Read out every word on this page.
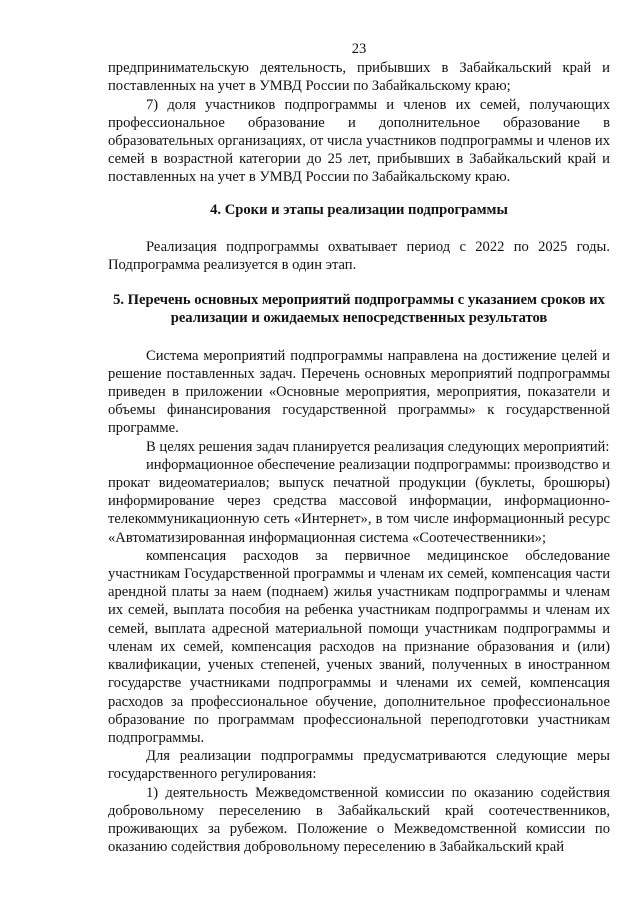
23

предпринимательскую деятельность, прибывших в Забайкальский край и поставленных на учет в УМВД России по Забайкальскому краю;

7) доля участников подпрограммы и членов их семей, получающих профессиональное образование и дополнительное образование в образовательных организациях, от числа участников подпрограммы и членов их семей в возрастной категории до 25 лет, прибывших в Забайкальский край и поставленных на учет в УМВД России по Забайкальскому краю.

4. Сроки и этапы реализации подпрограммы

Реализация подпрограммы охватывает период с 2022 по 2025 годы. Подпрограмма реализуется в один этап.

5. Перечень основных мероприятий подпрограммы с указанием сроков их реализации и ожидаемых непосредственных результатов

Система мероприятий подпрограммы направлена на достижение целей и решение поставленных задач. Перечень основных мероприятий подпрограммы приведен в приложении «Основные мероприятия, мероприятия, показатели и объемы финансирования государственной программы» к государственной программе.

В целях решения задач планируется реализация следующих мероприятий:

информационное обеспечение реализации подпрограммы: производство и прокат видеоматериалов; выпуск печатной продукции (буклеты, брошюры) информирование через средства массовой информации, информационно-телекоммуникационную сеть «Интернет», в том числе информационный ресурс «Автоматизированная информационная система «Соотечественники»;

компенсация расходов за первичное медицинское обследование участникам Государственной программы и членам их семей, компенсация части арендной платы за наем (поднаем) жилья участникам подпрограммы и членам их семей, выплата пособия на ребенка участникам подпрограммы и членам их семей, выплата адресной материальной помощи участникам подпрограммы и членам их семей, компенсация расходов на признание образования и (или) квалификации, ученых степеней, ученых званий, полученных в иностранном государстве участниками подпрограммы и членами их семей, компенсация расходов за профессиональное обучение, дополнительное профессиональное образование по программам профессиональной переподготовки участникам подпрограммы.

Для реализации подпрограммы предусматриваются следующие меры государственного регулирования:

1) деятельность Межведомственной комиссии по оказанию содействия добровольному переселению в Забайкальский край соотечественников, проживающих за рубежом. Положение о Межведомственной комиссии по оказанию содействия добровольному переселению в Забайкальский край
